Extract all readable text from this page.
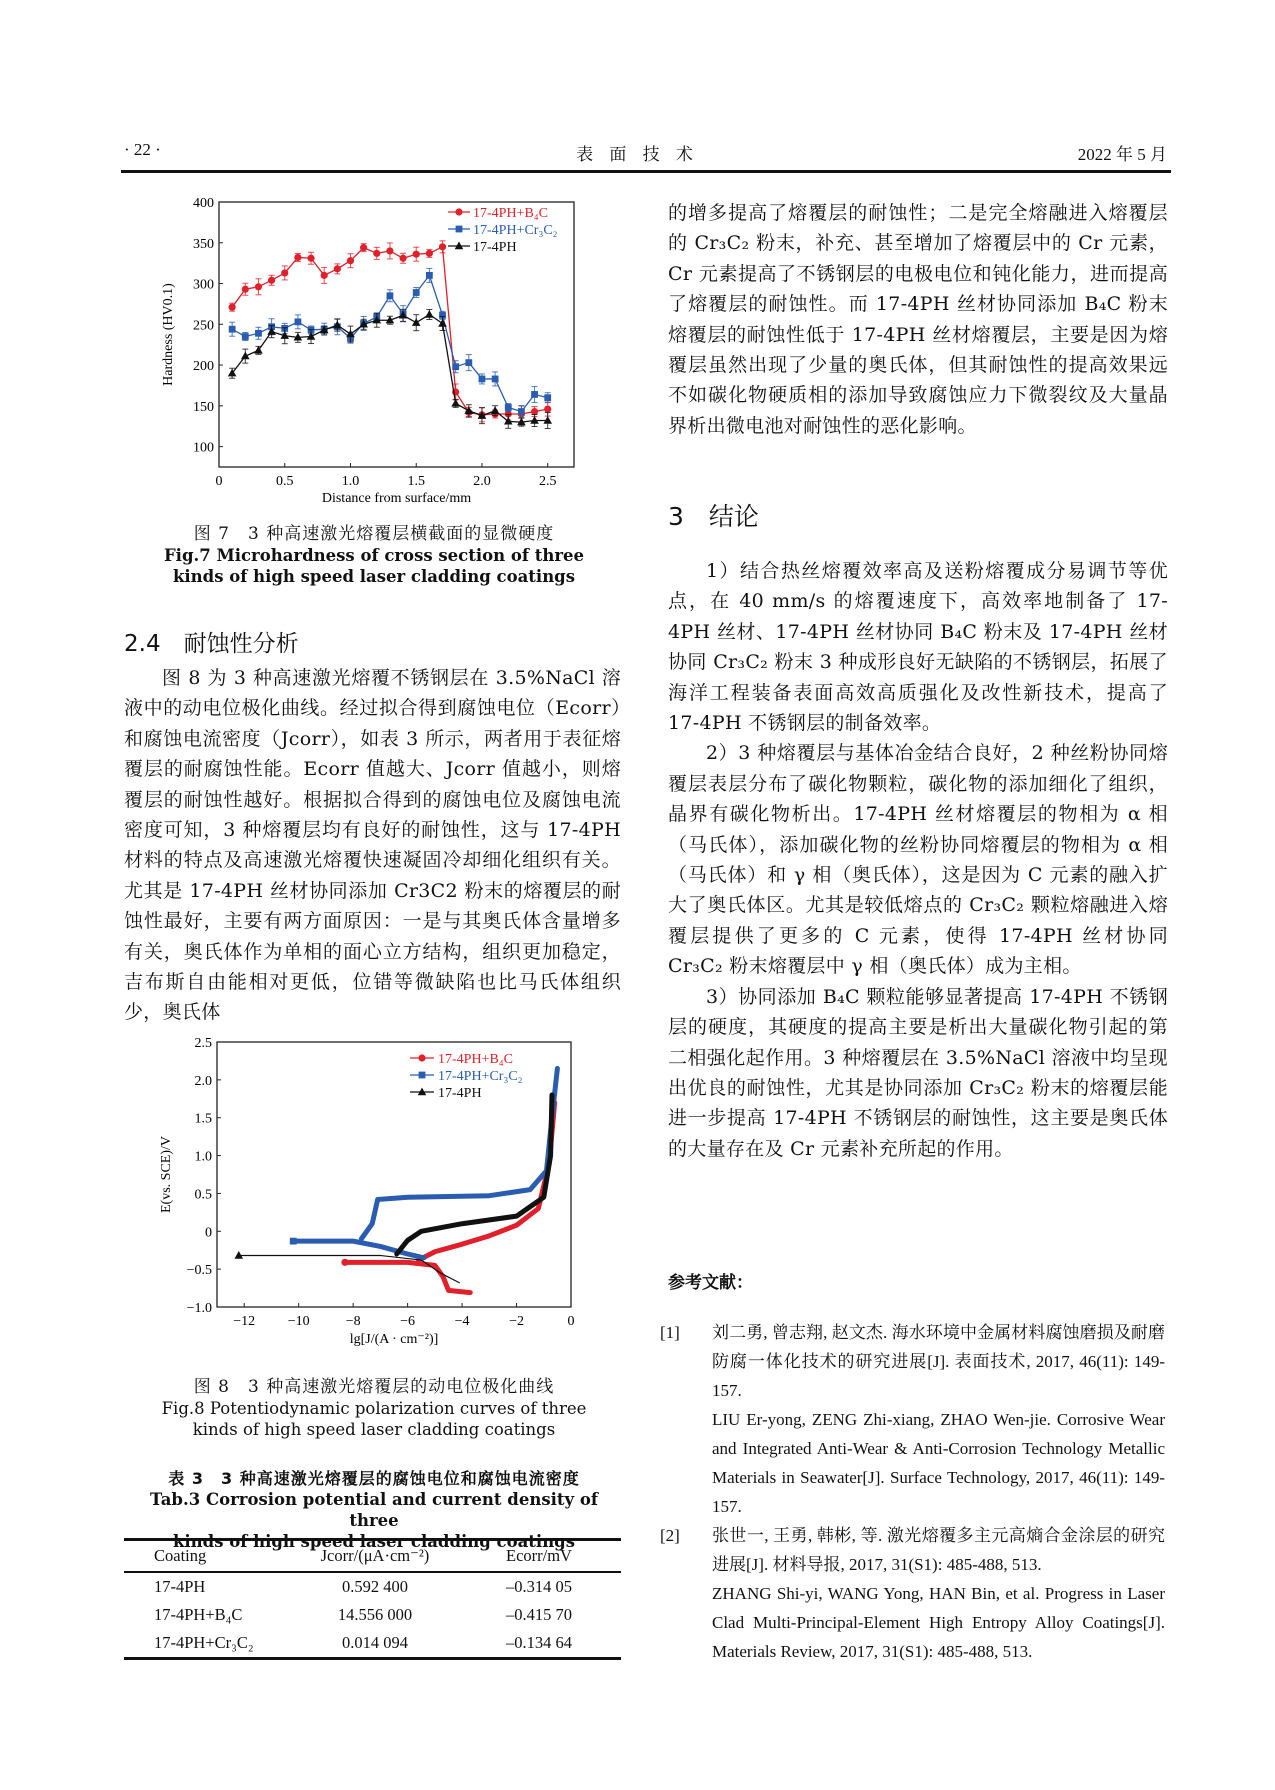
· 22 ·	表 面 技 术	2022 年 5 月
100
150
200
250
300
350
400
0	0.5	1.0	1.5	2.0	2.5
Distance from surface/mm
Hardness (HV0.1)
17-4PH+B₄C
17-4PH+Cr₃C₂
17-4PH
图 7　3 种高速激光熔覆层横截面的显微硬度
Fig.7 Microhardness of cross section of three
kinds of high speed laser cladding coatings
2.4　耐蚀性分析

图 8 为 3 种高速激光熔覆不锈钢层在 3.5%NaCl 溶液中的动电位极化曲线。经过拟合得到腐蚀电位（Ecorr）和腐蚀电流密度（Jcorr），如表 3 所示，两者用于表征熔覆层的耐腐蚀性能。Ecorr 值越大、Jcorr 值越小，则熔覆层的耐蚀性越好。根据拟合得到的腐蚀电位及腐蚀电流密度可知，3 种熔覆层均有良好的耐蚀性，这与 17-4PH 材料的特点及高速激光熔覆快速凝固冷却细化组织有关。尤其是 17-4PH 丝材协同添加 Cr3C2 粉末的熔覆层的耐蚀性最好，主要有两方面原因：一是与其奥氏体含量增多有关，奥氏体作为单相的面心立方结构，组织更加稳定，吉布斯自由能相对更低，位错等微缺陷也比马氏体组织少，奥氏体

−1.0
−0.5
0
0.5
1.0
1.5
2.0
2.5
−12 −10	−8	−6	−4	−2	0
lg[J/(A · cm⁻²)]
E(vs. SCE)/V
17-4PH+B₄C
17-4PH+Cr₃C₂
17-4PH
图 8　3 种高速激光熔覆层的动电位极化曲线
Fig.8 Potentiodynamic polarization curves of three
kinds of high speed laser cladding coatings
表 3　3 种高速激光熔覆层的腐蚀电位和腐蚀电流密度
Tab.3 Corrosion potential and current density of three
kinds of high speed laser cladding coatings
Coating	Jcorr/(μA·cm⁻²)	Ecorr/mV
17-4PH	0.592 400	–0.314 05
17-4PH+B₄C	14.556 000	–0.415 70
17-4PH+Cr₃C₂	0.014 094	–0.134 64

的增多提高了熔覆层的耐蚀性；二是完全熔融进入熔覆层的 Cr₃C₂ 粉末，补充、甚至增加了熔覆层中的 Cr 元素，Cr 元素提高了不锈钢层的电极电位和钝化能力，进而提高了熔覆层的耐蚀性。而 17-4PH 丝材协同添加 B₄C 粉末熔覆层的耐蚀性低于 17-4PH 丝材熔覆层，主要是因为熔覆层虽然出现了少量的奥氏体，但其耐蚀性的提高效果远不如碳化物硬质相的添加导致腐蚀应力下微裂纹及大量晶界析出微电池对耐蚀性的恶化影响。

3　结论

1）结合热丝熔覆效率高及送粉熔覆成分易调节等优点，在 40 mm/s 的熔覆速度下，高效率地制备了 17-4PH 丝材、17-4PH 丝材协同 B₄C 粉末及 17-4PH 丝材协同 Cr₃C₂ 粉末 3 种成形良好无缺陷的不锈钢层，拓展了海洋工程装备表面高效高质强化及改性新技术，提高了 17-4PH 不锈钢层的制备效率。

2）3 种熔覆层与基体冶金结合良好，2 种丝粉协同熔覆层表层分布了碳化物颗粒，碳化物的添加细化了组织，晶界有碳化物析出。17-4PH 丝材熔覆层的物相为 α 相（马氏体），添加碳化物的丝粉协同熔覆层的物相为 α 相（马氏体）和 γ 相（奥氏体），这是因为 C 元素的融入扩大了奥氏体区。尤其是较低熔点的 Cr₃C₂ 颗粒熔融进入熔覆层提供了更多的 C 元素，使得 17-4PH 丝材协同 Cr₃C₂ 粉末熔覆层中 γ 相（奥氏体）成为主相。

3）协同添加 B₄C 颗粒能够显著提高 17-4PH 不锈钢层的硬度，其硬度的提高主要是析出大量碳化物引起的第二相强化起作用。3 种熔覆层在 3.5%NaCl 溶液中均呈现出优良的耐蚀性，尤其是协同添加 Cr₃C₂ 粉末的熔覆层能进一步提高 17-4PH 不锈钢层的耐蚀性，这主要是奥氏体的大量存在及 Cr 元素补充所起的作用。

参考文献：
[1]	刘二勇, 曾志翔, 赵文杰. 海水环境中金属材料腐蚀磨损及耐磨防腐一体化技术的研究进展[J]. 表面技术, 2017, 46(11): 149-157.
LIU Er-yong, ZENG Zhi-xiang, ZHAO Wen-jie. Corrosive Wear and Integrated Anti-Wear & Anti-Corrosion Technology Metallic Materials in Seawater[J]. Surface Technology, 2017, 46(11): 149-157.
[2]	张世一, 王勇, 韩彬, 等. 激光熔覆多主元高熵合金涂层的研究进展[J]. 材料导报, 2017, 31(S1): 485-488, 513.
ZHANG Shi-yi, WANG Yong, HAN Bin, et al. Progress in Laser Clad Multi-Principal-Element High Entropy Alloy Coatings[J]. Materials Review, 2017, 31(S1): 485-488, 513.
